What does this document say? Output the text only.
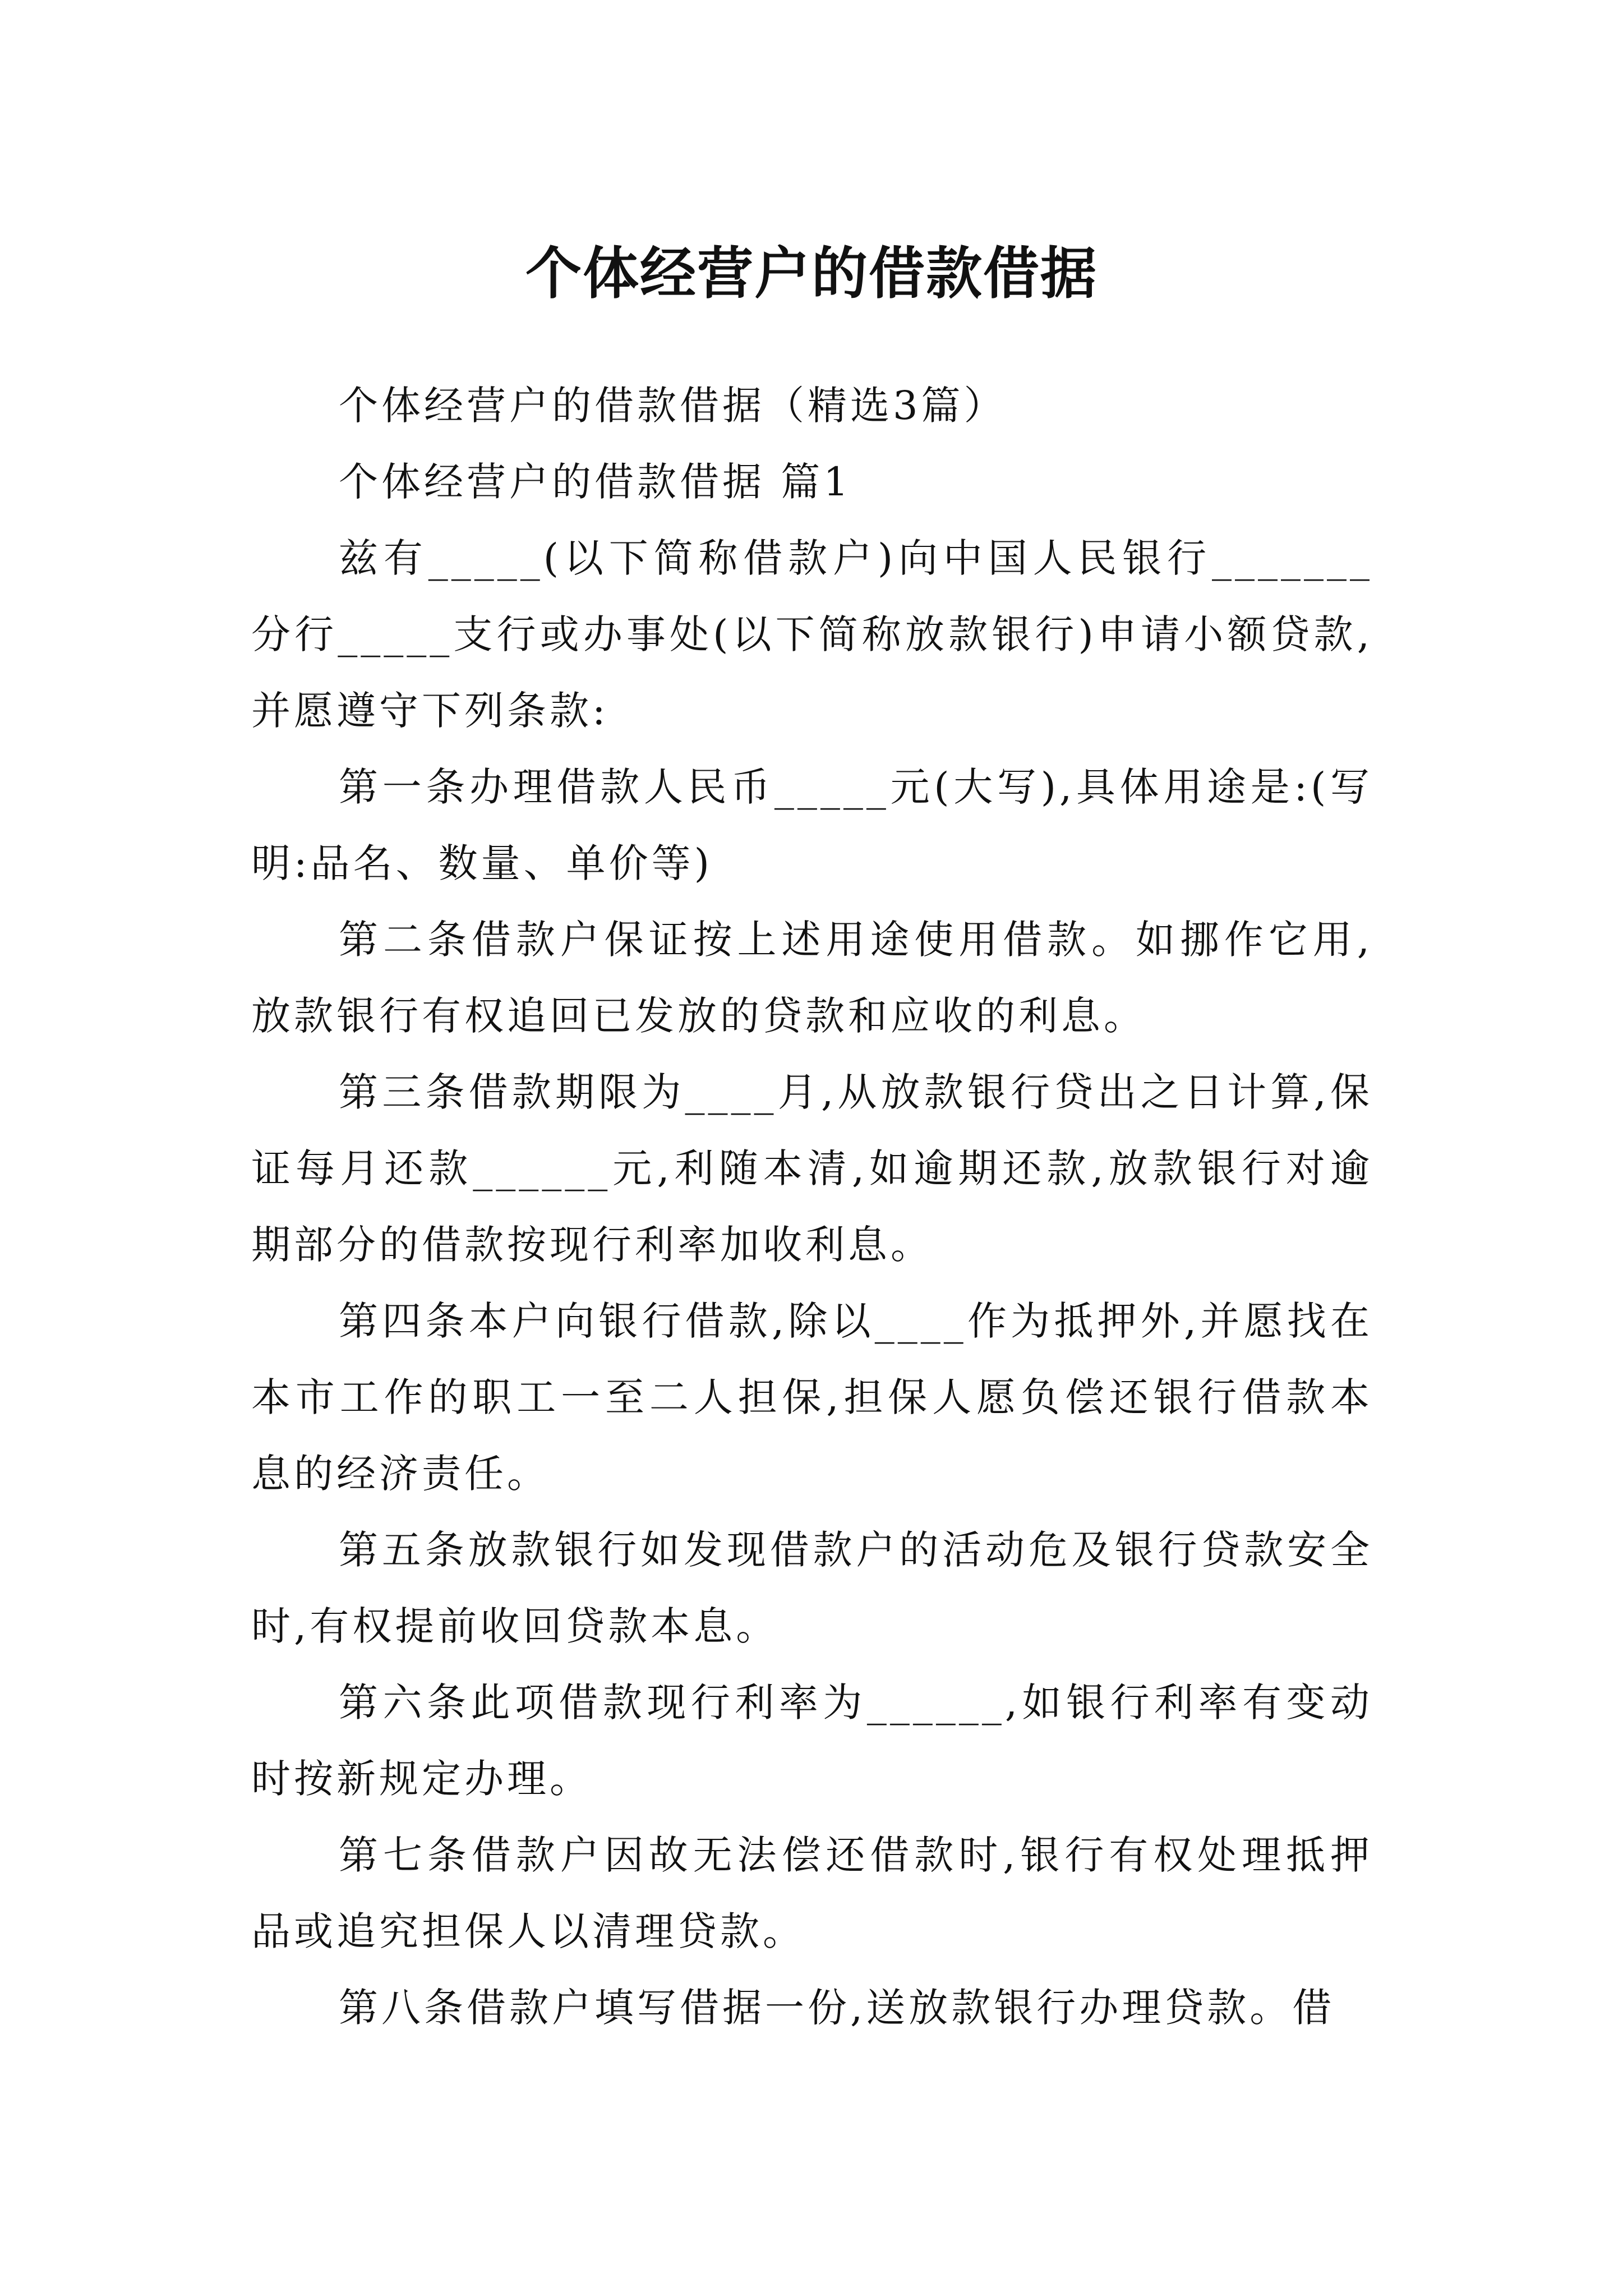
个体经营户的借款借据

个体经营户的借款借据（精选3篇）

个体经营户的借款借据 篇1

兹有_____(以下简称借款户)向中国人民银行_______分行_____支行或办事处(以下简称放款银行)申请小额贷款,并愿遵守下列条款:

第一条办理借款人民币_____元(大写),具体用途是:(写明:品名、数量、单价等)

第二条借款户保证按上述用途使用借款。如挪作它用,放款银行有权追回已发放的贷款和应收的利息。

第三条借款期限为____月,从放款银行贷出之日计算,保证每月还款______元,利随本清,如逾期还款,放款银行对逾期部分的借款按现行利率加收利息。

第四条本户向银行借款,除以____作为抵押外,并愿找在本市工作的职工一至二人担保,担保人愿负偿还银行借款本息的经济责任。

第五条放款银行如发现借款户的活动危及银行贷款安全时,有权提前收回贷款本息。

第六条此项借款现行利率为______,如银行利率有变动时按新规定办理。

第七条借款户因故无法偿还借款时,银行有权处理抵押品或追究担保人以清理贷款。

第八条借款户填写借据一份,送放款银行办理贷款。借
